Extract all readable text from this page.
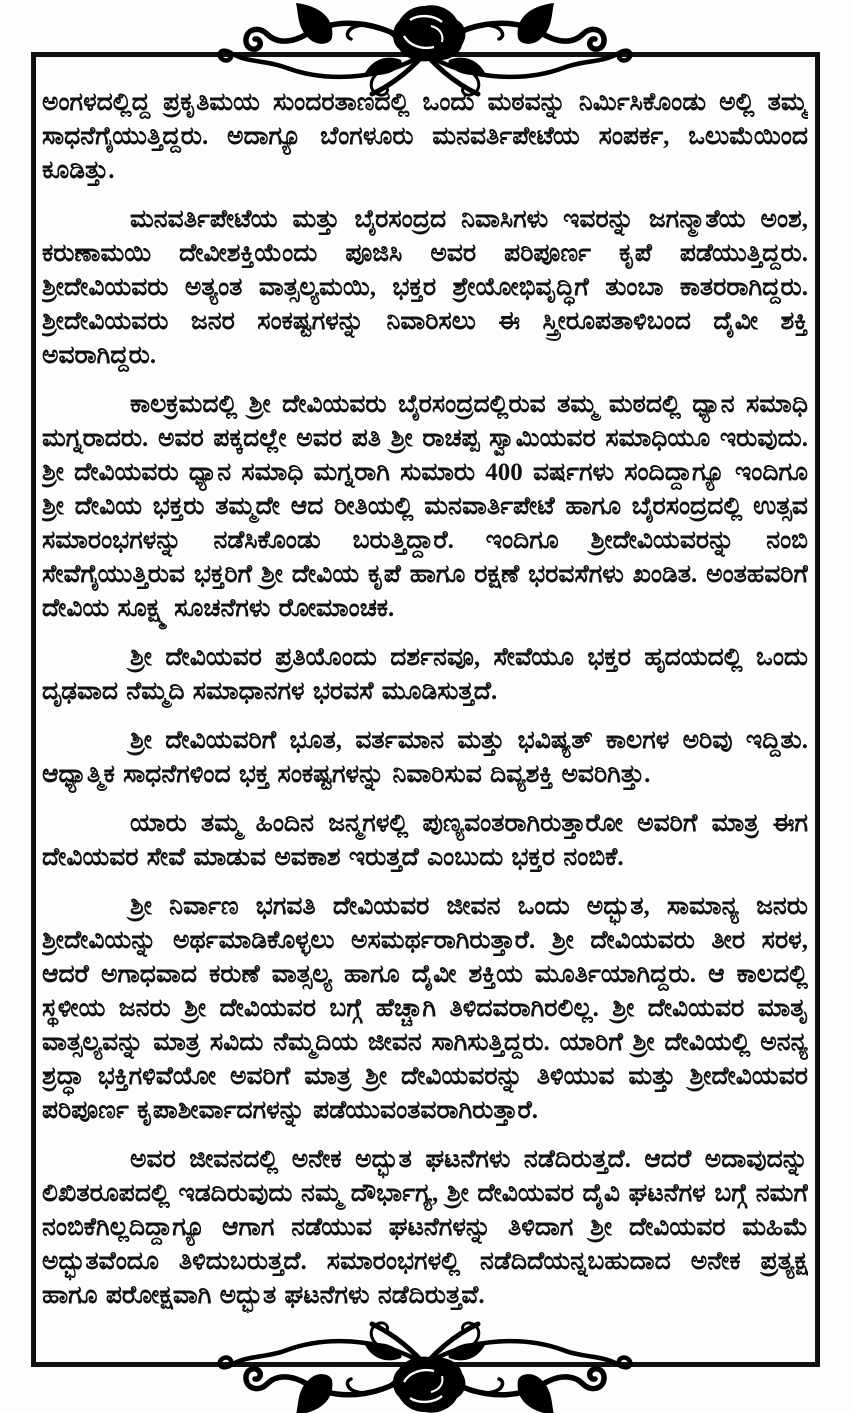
ಅಂಗಳದಲ್ಲಿದ್ದ ಪ್ರಕೃತಿಮಯ ಸುಂದರತಾಣದಲ್ಲಿ ಒಂದು ಮಠವನ್ನು ನಿರ್ಮಿಸಿಕೊಂಡು ಅಲ್ಲಿ ತಮ್ಮ ಸಾಧನೆಗೈಯುತ್ತಿದ್ದರು. ಅದಾಗ್ಯೂ ಬೆಂಗಳೂರು ಮನವರ್ತಿಪೇಟೆಯ ಸಂಪರ್ಕ, ಒಲುಮೆಯಿಂದ ಕೂಡಿತ್ತು.

ಮನವರ್ತಿಪೇಟೆಯ ಮತ್ತು ಬೈರಸಂದ್ರದ ನಿವಾಸಿಗಳು ಇವರನ್ನು ಜಗನ್ಮಾತೆಯ ಅಂಶ, ಕರುಣಾಮಯಿ ದೇವೀಶಕ್ತಿಯೆಂದು ಪೂಜಿಸಿ ಅವರ ಪರಿಪೂರ್ಣ ಕೃಪೆ ಪಡೆಯುತ್ತಿದ್ದರು. ಶ್ರೀದೇವಿಯವರು ಅತ್ಯಂತ ವಾತ್ಸಲ್ಯಮಯಿ, ಭಕ್ತರ ಶ್ರೇಯೋಭಿವೃದ್ಧಿಗೆ ತುಂಬಾ ಕಾತರರಾಗಿದ್ದರು. ಶ್ರೀದೇವಿಯವರು ಜನರ ಸಂಕಷ್ಟಗಳನ್ನು ನಿವಾರಿಸಲು ಈ ಸ್ತ್ರೀರೂಪತಾಳಿಬಂದ ದೈವೀ ಶಕ್ತಿ ಅವರಾಗಿದ್ದರು.

ಕಾಲಕ್ರಮದಲ್ಲಿ ಶ್ರೀ ದೇವಿಯವರು ಬೈರಸಂದ್ರದಲ್ಲಿರುವ ತಮ್ಮ ಮಠದಲ್ಲಿ ಧ್ಯಾನ ಸಮಾಧಿ ಮಗ್ನರಾದರು. ಅವರ ಪಕ್ಕದಲ್ಲೇ ಅವರ ಪತಿ ಶ್ರೀ ರಾಚಪ್ಪ ಸ್ವಾಮಿಯವರ ಸಮಾಧಿಯೂ ಇರುವುದು. ಶ್ರೀ ದೇವಿಯವರು ಧ್ಯಾನ ಸಮಾಧಿ ಮಗ್ನರಾಗಿ ಸುಮಾರು 400 ವರ್ಷಗಳು ಸಂದಿದ್ದಾಗ್ಯೂ ಇಂದಿಗೂ ಶ್ರೀ ದೇವಿಯ ಭಕ್ತರು ತಮ್ಮದೇ ಆದ ರೀತಿಯಲ್ಲಿ ಮನವಾರ್ತಿಪೇಟೆ ಹಾಗೂ ಬೈರಸಂದ್ರದಲ್ಲಿ ಉತ್ಸವ ಸಮಾರಂಭಗಳನ್ನು ನಡೆಸಿಕೊಂಡು ಬರುತ್ತಿದ್ದಾರೆ. ಇಂದಿಗೂ ಶ್ರೀದೇವಿಯವರನ್ನು ನಂಬಿ ಸೇವೆಗೈಯುತ್ತಿರುವ ಭಕ್ತರಿಗೆ ಶ್ರೀ ದೇವಿಯ ಕೃಪೆ ಹಾಗೂ ರಕ್ಷಣೆ ಭರವಸೆಗಳು ಖಂಡಿತ. ಅಂತಹವರಿಗೆ ದೇವಿಯ ಸೂಕ್ಷ್ಮ ಸೂಚನೆಗಳು ರೋಮಾಂಚಕ.

ಶ್ರೀ ದೇವಿಯವರ ಪ್ರತಿಯೊಂದು ದರ್ಶನವೂ, ಸೇವೆಯೂ ಭಕ್ತರ ಹೃದಯದಲ್ಲಿ ಒಂದು ದೃಢವಾದ ನೆಮ್ಮದಿ ಸಮಾಧಾನಗಳ ಭರವಸೆ ಮೂಡಿಸುತ್ತದೆ.

ಶ್ರೀ ದೇವಿಯವರಿಗೆ ಭೂತ, ವರ್ತಮಾನ ಮತ್ತು ಭವಿಷ್ಯತ್ ಕಾಲಗಳ ಅರಿವು ಇದ್ದಿತು. ಆಧ್ಯಾತ್ಮಿಕ ಸಾಧನೆಗಳಿಂದ ಭಕ್ತ ಸಂಕಷ್ಟಗಳನ್ನು ನಿವಾರಿಸುವ ದಿವ್ಯಶಕ್ತಿ ಅವರಿಗಿತ್ತು.

ಯಾರು ತಮ್ಮ ಹಿಂದಿನ ಜನ್ಮಗಳಲ್ಲಿ ಪುಣ್ಯವಂತರಾಗಿರುತ್ತಾರೋ ಅವರಿಗೆ ಮಾತ್ರ ಈಗ ದೇವಿಯವರ ಸೇವೆ ಮಾಡುವ ಅವಕಾಶ ಇರುತ್ತದೆ ಎಂಬುದು ಭಕ್ತರ ನಂಬಿಕೆ.

ಶ್ರೀ ನಿರ್ವಾಣ ಭಗವತಿ ದೇವಿಯವರ ಜೀವನ ಒಂದು ಅದ್ಭುತ, ಸಾಮಾನ್ಯ ಜನರು ಶ್ರೀದೇವಿಯನ್ನು ಅರ್ಥಮಾಡಿಕೊಳ್ಳಲು ಅಸಮರ್ಥರಾಗಿರುತ್ತಾರೆ. ಶ್ರೀ ದೇವಿಯವರು ತೀರ ಸರಳ, ಆದರೆ ಅಗಾಧವಾದ ಕರುಣೆ ವಾತ್ಸಲ್ಯ ಹಾಗೂ ದೈವೀ ಶಕ್ತಿಯ ಮೂರ್ತಿಯಾಗಿದ್ದರು. ಆ ಕಾಲದಲ್ಲಿ ಸ್ಥಳೀಯ ಜನರು ಶ್ರೀ ದೇವಿಯವರ ಬಗ್ಗೆ ಹೆಚ್ಚಾಗಿ ತಿಳಿದವರಾಗಿರಲಿಲ್ಲ. ಶ್ರೀ ದೇವಿಯವರ ಮಾತೃ ವಾತ್ಸಲ್ಯವನ್ನು ಮಾತ್ರ ಸವಿದು ನೆಮ್ಮದಿಯ ಜೀವನ ಸಾಗಿಸುತ್ತಿದ್ದರು. ಯಾರಿಗೆ ಶ್ರೀ ದೇವಿಯಲ್ಲಿ ಅನನ್ಯ ಶ್ರದ್ಧಾ ಭಕ್ತಿಗಳಿವೆಯೋ ಅವರಿಗೆ ಮಾತ್ರ ಶ್ರೀ ದೇವಿಯವರನ್ನು ತಿಳಿಯುವ ಮತ್ತು ಶ್ರೀದೇವಿಯವರ ಪರಿಪೂರ್ಣ ಕೃಪಾಶೀರ್ವಾದಗಳನ್ನು ಪಡೆಯುವಂತವರಾಗಿರುತ್ತಾರೆ.

ಅವರ ಜೀವನದಲ್ಲಿ ಅನೇಕ ಅದ್ಭುತ ಘಟನೆಗಳು ನಡೆದಿರುತ್ತದೆ. ಆದರೆ ಅದಾವುದನ್ನು ಲಿಖಿತರೂಪದಲ್ಲಿ ಇಡದಿರುವುದು ನಮ್ಮ ದೌರ್ಭಾಗ್ಯ, ಶ್ರೀ ದೇವಿಯವರ ದೈವಿ ಘಟನೆಗಳ ಬಗ್ಗೆ ನಮಗೆ ನಂಬಿಕೆಗಿಲ್ಲದಿದ್ದಾಗ್ಯೂ ಆಗಾಗ ನಡೆಯುವ ಘಟನೆಗಳನ್ನು ತಿಳಿದಾಗ ಶ್ರೀ ದೇವಿಯವರ ಮಹಿಮೆ ಅದ್ಭುತವೆಂದೂ ತಿಳಿದುಬರುತ್ತದೆ. ಸಮಾರಂಭಗಳಲ್ಲಿ ನಡೆದಿದೆಯನ್ನಬಹುದಾದ ಅನೇಕ ಪ್ರತ್ಯಕ್ಷ ಹಾಗೂ ಪರೋಕ್ಷವಾಗಿ ಅದ್ಭುತ ಘಟನೆಗಳು ನಡೆದಿರುತ್ತವೆ.
